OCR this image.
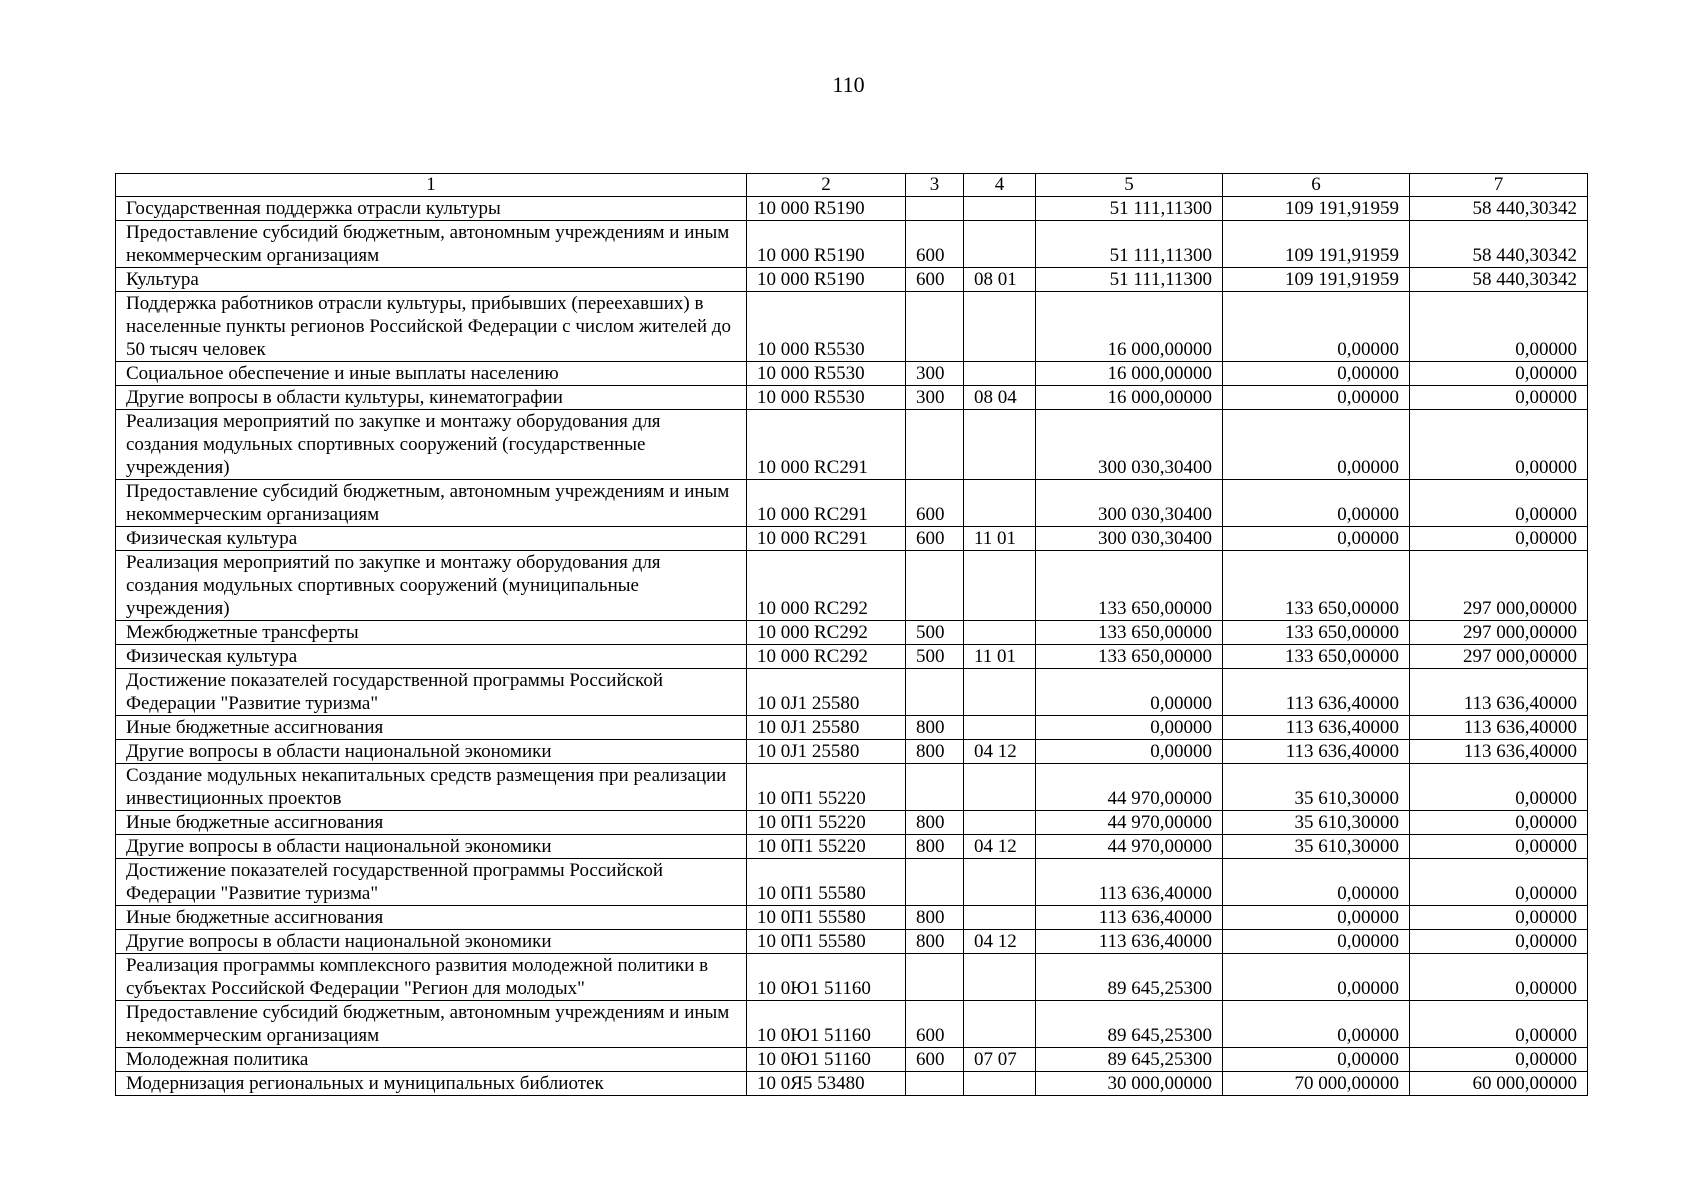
110
1	2	3	4	5	6	7
Государственная поддержка отрасли культуры	10 000 R5190			51 111,11300	109 191,91959	58 440,30342
Предоставление субсидий бюджетным, автономным учреждениям и иным некоммерческим организациям	10 000 R5190	600		51 111,11300	109 191,91959	58 440,30342
Культура	10 000 R5190	600	08 01	51 111,11300	109 191,91959	58 440,30342
Поддержка работников отрасли культуры, прибывших (переехавших) в населенные пункты регионов Российской Федерации с числом жителей до 50 тысяч человек	10 000 R5530			16 000,00000	0,00000	0,00000
Социальное обеспечение и иные выплаты населению	10 000 R5530	300		16 000,00000	0,00000	0,00000
Другие вопросы в области культуры, кинематографии	10 000 R5530	300	08 04	16 000,00000	0,00000	0,00000
Реализация мероприятий по закупке и монтажу оборудования для создания модульных спортивных сооружений (государственные учреждения)	10 000 RC291			300 030,30400	0,00000	0,00000
Предоставление субсидий бюджетным, автономным учреждениям и иным некоммерческим организациям	10 000 RC291	600		300 030,30400	0,00000	0,00000
Физическая культура	10 000 RC291	600	11 01	300 030,30400	0,00000	0,00000
Реализация мероприятий по закупке и монтажу оборудования для создания модульных спортивных сооружений (муниципальные учреждения)	10 000 RC292			133 650,00000	133 650,00000	297 000,00000
Межбюджетные трансферты	10 000 RC292	500		133 650,00000	133 650,00000	297 000,00000
Физическая культура	10 000 RC292	500	11 01	133 650,00000	133 650,00000	297 000,00000
Достижение показателей государственной программы Российской Федерации "Развитие туризма"	10 0J1 25580			0,00000	113 636,40000	113 636,40000
Иные бюджетные ассигнования	10 0J1 25580	800		0,00000	113 636,40000	113 636,40000
Другие вопросы в области национальной экономики	10 0J1 25580	800	04 12	0,00000	113 636,40000	113 636,40000
Создание модульных некапитальных средств размещения при реализации инвестиционных проектов	10 0П1 55220			44 970,00000	35 610,30000	0,00000
Иные бюджетные ассигнования	10 0П1 55220	800		44 970,00000	35 610,30000	0,00000
Другие вопросы в области национальной экономики	10 0П1 55220	800	04 12	44 970,00000	35 610,30000	0,00000
Достижение показателей государственной программы Российской Федерации "Развитие туризма"	10 0П1 55580			113 636,40000	0,00000	0,00000
Иные бюджетные ассигнования	10 0П1 55580	800		113 636,40000	0,00000	0,00000
Другие вопросы в области национальной экономики	10 0П1 55580	800	04 12	113 636,40000	0,00000	0,00000
Реализация программы комплексного развития молодежной политики в субъектах Российской Федерации "Регион для молодых"	10 0Ю1 51160			89 645,25300	0,00000	0,00000
Предоставление субсидий бюджетным, автономным учреждениям и иным некоммерческим организациям	10 0Ю1 51160	600		89 645,25300	0,00000	0,00000
Молодежная политика	10 0Ю1 51160	600	07 07	89 645,25300	0,00000	0,00000
Модернизация региональных и муниципальных библиотек	10 0Я5 53480			30 000,00000	70 000,00000	60 000,00000
